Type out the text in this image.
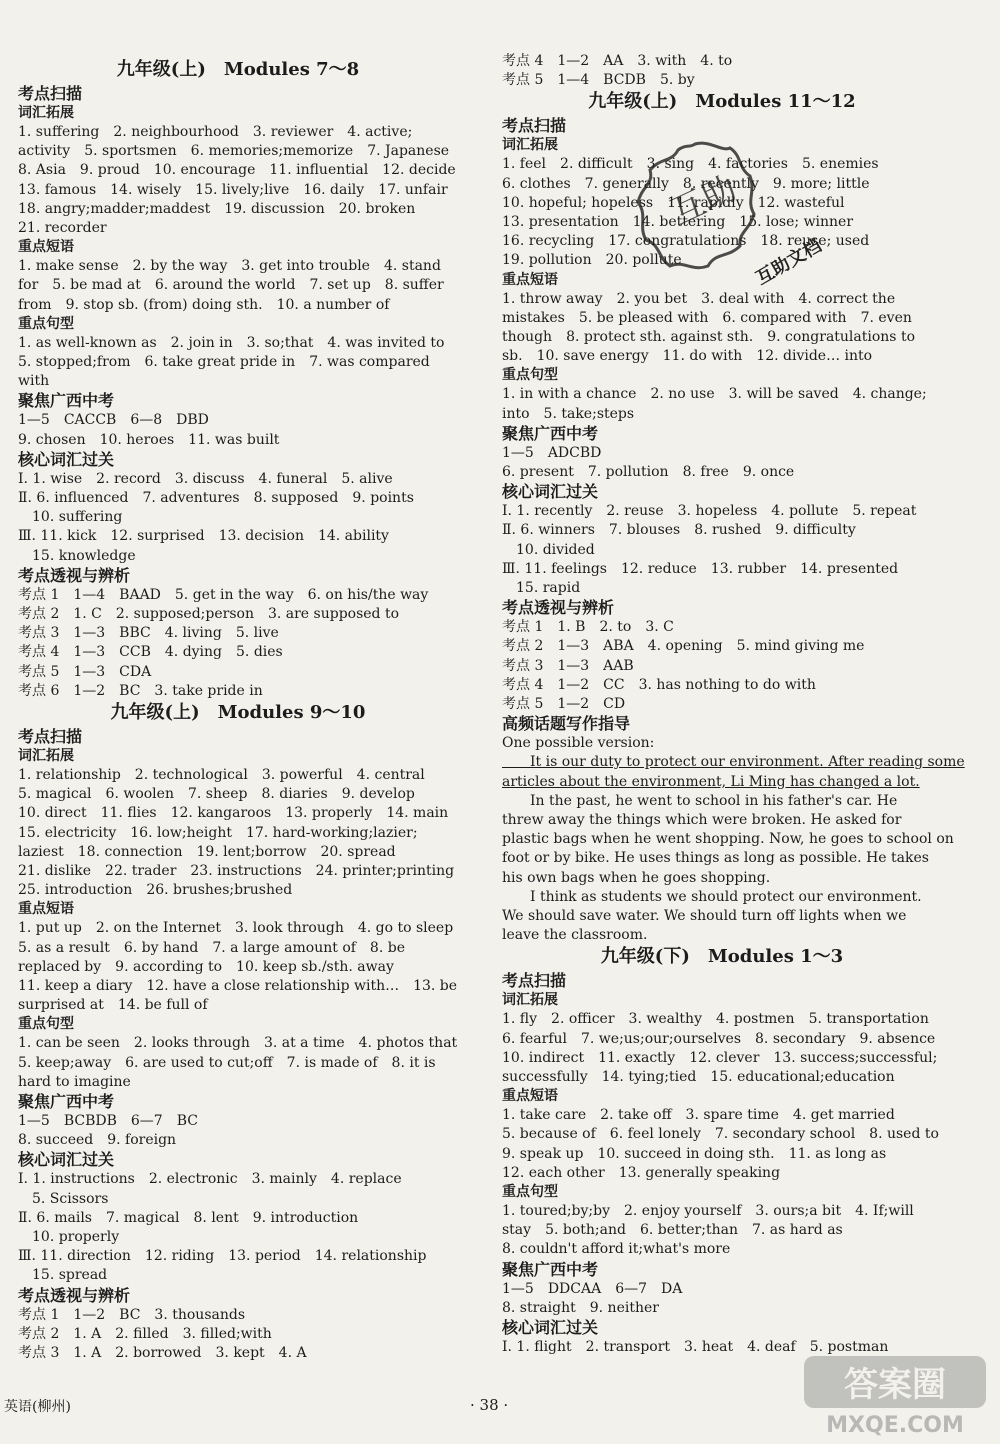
九年级(上)　Modules 7～8
考点扫描
词汇拓展
1. suffering　2. neighbourhood　3. reviewer　4. active;
activity　5. sportsmen　6. memories;memorize　7. Japanese
8. Asia　9. proud　10. encourage　11. influential　12. decide
13. famous　14. wisely　15. lively;live　16. daily　17. unfair
18. angry;madder;maddest　19. discussion　20. broken
21. recorder
重点短语
1. make sense　2. by the way　3. get into trouble　4. stand
for　5. be mad at　6. around the world　7. set up　8. suffer
from　9. stop sb. (from) doing sth.　10. a number of
重点句型
1. as well-known as　2. join in　3. so;that　4. was invited to
5. stopped;from　6. take great pride in　7. was compared
with
聚焦广西中考
1—5　CACCB　6—8　DBD
9. chosen　10. heroes　11. was built
核心词汇过关
Ⅰ. 1. wise　2. record　3. discuss　4. funeral　5. alive
Ⅱ. 6. influenced　7. adventures　8. supposed　9. points
　10. suffering
Ⅲ. 11. kick　12. surprised　13. decision　14. ability
　15. knowledge
考点透视与辨析
考点 1　1—4　BAAD　5. get in the way　6. on his/the way
考点 2　1. C　2. supposed;person　3. are supposed to
考点 3　1—3　BBC　4. living　5. live
考点 4　1—3　CCB　4. dying　5. dies
考点 5　1—3　CDA
考点 6　1—2　BC　3. take pride in
九年级(上)　Modules 9～10
考点扫描
词汇拓展
1. relationship　2. technological　3. powerful　4. central
5. magical　6. woolen　7. sheep　8. diaries　9. develop
10. direct　11. flies　12. kangaroos　13. properly　14. main
15. electricity　16. low;height　17. hard-working;lazier;
laziest　18. connection　19. lent;borrow　20. spread
21. dislike　22. trader　23. instructions　24. printer;printing
25. introduction　26. brushes;brushed
重点短语
1. put up　2. on the Internet　3. look through　4. go to sleep
5. as a result　6. by hand　7. a large amount of　8. be
replaced by　9. according to　10. keep sb./sth. away
11. keep a diary　12. have a close relationship with…　13. be
surprised at　14. be full of
重点句型
1. can be seen　2. looks through　3. at a time　4. photos that
5. keep;away　6. are used to cut;off　7. is made of　8. it is
hard to imagine
聚焦广西中考
1—5　BCBDB　6—7　BC
8. succeed　9. foreign
核心词汇过关
Ⅰ. 1. instructions　2. electronic　3. mainly　4. replace
　5. Scissors
Ⅱ. 6. mails　7. magical　8. lent　9. introduction
　10. properly
Ⅲ. 11. direction　12. riding　13. period　14. relationship
　15. spread
考点透视与辨析
考点 1　1—2　BC　3. thousands
考点 2　1. A　2. filled　3. filled;with
考点 3　1. A　2. borrowed　3. kept　4. A
考点 4　1—2　AA　3. with　4. to
考点 5　1—4　BCDB　5. by
九年级(上)　Modules 11～12
考点扫描
词汇拓展
1. feel　2. difficult　3. sing　4. factories　5. enemies
6. clothes　7. generally　8. recently　9. more; little
10. hopeful; hopeless　11. rapidly　12. wasteful
13. presentation　14. bettering　15. lose; winner
16. recycling　17. congratulations　18. reuse; used
19. pollution　20. pollute
重点短语
1. throw away　2. you bet　3. deal with　4. correct the
mistakes　5. be pleased with　6. compared with　7. even
though　8. protect sth. against sth.　9. congratulations to
sb.　10. save energy　11. do with　12. divide… into
重点句型
1. in with a chance　2. no use　3. will be saved　4. change;
into　5. take;steps
聚焦广西中考
1—5　ADCBD
6. present　7. pollution　8. free　9. once
核心词汇过关
Ⅰ. 1. recently　2. reuse　3. hopeless　4. pollute　5. repeat
Ⅱ. 6. winners　7. blouses　8. rushed　9. difficulty
　10. divided
Ⅲ. 11. feelings　12. reduce　13. rubber　14. presented
　15. rapid
考点透视与辨析
考点 1　1. B　2. to　3. C
考点 2　1—3　ABA　4. opening　5. mind giving me
考点 3　1—3　AAB
考点 4　1—2　CC　3. has nothing to do with
考点 5　1—2　CD
高频话题写作指导
One possible version:
　　It is our duty to protect our environment. After reading some
articles about the environment, Li Ming has changed a lot.
　　In the past, he went to school in his father's car. He
threw away the things which were broken. He asked for
plastic bags when he went shopping. Now, he goes to school on
foot or by bike. He uses things as long as possible. He takes
his own bags when he goes shopping.
　　I think as students we should protect our environment.
We should save water. We should turn off lights when we
leave the classroom.
九年级(下)　Modules 1～3
考点扫描
词汇拓展
1. fly　2. officer　3. wealthy　4. postmen　5. transportation
6. fearful　7. we;us;our;ourselves　8. secondary　9. absence
10. indirect　11. exactly　12. clever　13. success;successful;
successfully　14. tying;tied　15. educational;education
重点短语
1. take care　2. take off　3. spare time　4. get married
5. because of　6. feel lonely　7. secondary school　8. used to
9. speak up　10. succeed in doing sth.　11. as long as
12. each other　13. generally speaking
重点句型
1. toured;by;by　2. enjoy yourself　3. ours;a bit　4. If;will
stay　5. both;and　6. better;than　7. as hard as
8. couldn't afford it;what's more
聚焦广西中考
1—5　DDCAA　6—7　DA
8. straight　9. neither
核心词汇过关
Ⅰ. 1. flight　2. transport　3. heat　4. deaf　5. postman
互助
互助文档
答案圈
MXQE.COM
英语(柳州)	· 38 ·
